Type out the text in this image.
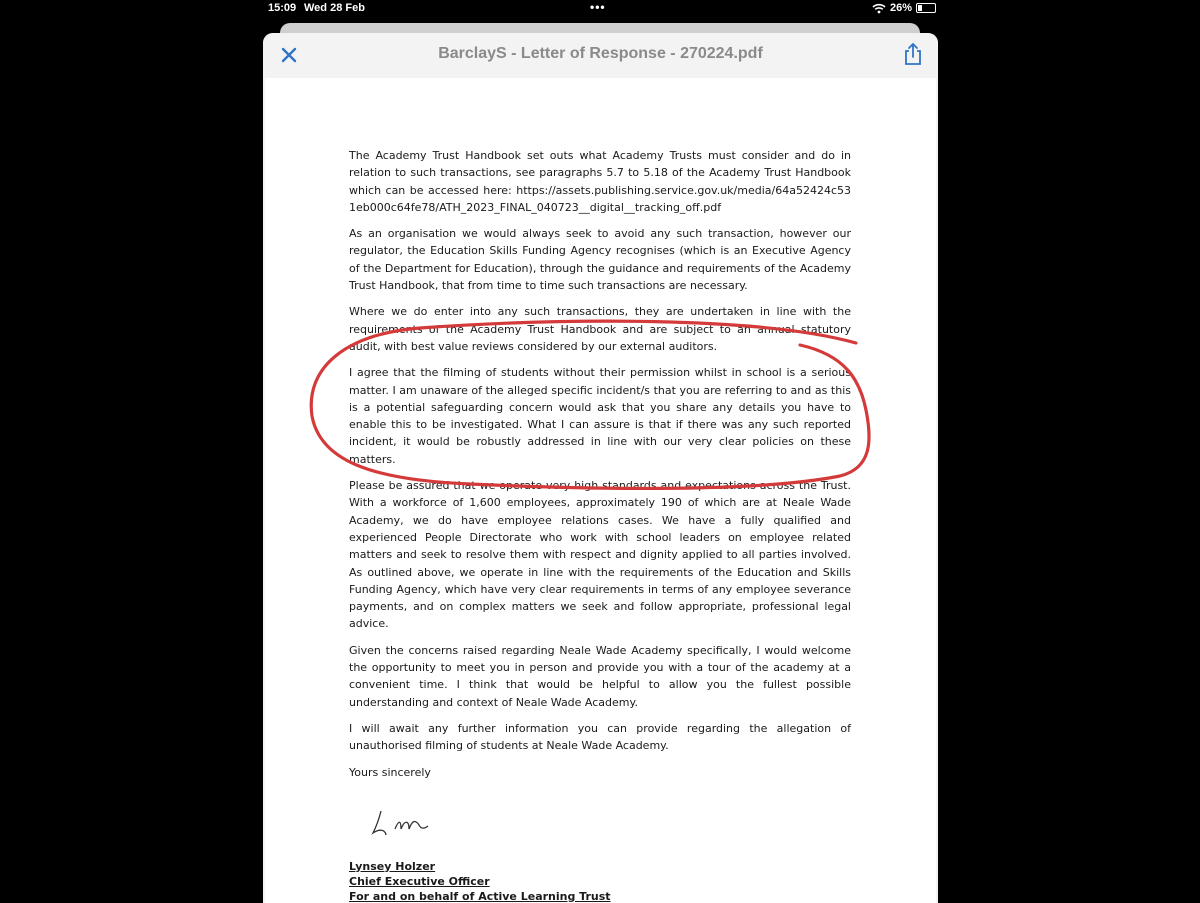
15:09 Wed 28 Feb	•••	26%
BarclayS - Letter of Response - 270224.pdf

The Academy Trust Handbook set outs what Academy Trusts must consider and do in relation to such transactions, see paragraphs 5.7 to 5.18 of the Academy Trust Handbook which can be accessed here: https://assets.publishing.service.gov.uk/media/64a52424c531eb000c64fe78/ATH_2023_FINAL_040723__digital__tracking_off.pdf

As an organisation we would always seek to avoid any such transaction, however our regulator, the Education Skills Funding Agency recognises (which is an Executive Agency of the Department for Education), through the guidance and requirements of the Academy Trust Handbook, that from time to time such transactions are necessary.

Where we do enter into any such transactions, they are undertaken in line with the requirements of the Academy Trust Handbook and are subject to an annual statutory audit, with best value reviews considered by our external auditors.

I agree that the filming of students without their permission whilst in school is a serious matter. I am unaware of the alleged specific incident/s that you are referring to and as this is a potential safeguarding concern would ask that you share any details you have to enable this to be investigated. What I can assure is that if there was any such reported incident, it would be robustly addressed in line with our very clear policies on these matters.

Please be assured that we operate very high standards and expectations across the Trust. With a workforce of 1,600 employees, approximately 190 of which are at Neale Wade Academy, we do have employee relations cases. We have a fully qualified and experienced People Directorate who work with school leaders on employee related matters and seek to resolve them with respect and dignity applied to all parties involved. As outlined above, we operate in line with the requirements of the Education and Skills Funding Agency, which have very clear requirements in terms of any employee severance payments, and on complex matters we seek and follow appropriate, professional legal advice.

Given the concerns raised regarding Neale Wade Academy specifically, I would welcome the opportunity to meet you in person and provide you with a tour of the academy at a convenient time. I think that would be helpful to allow you the fullest possible understanding and context of Neale Wade Academy.

I will await any further information you can provide regarding the allegation of unauthorised filming of students at Neale Wade Academy.

Yours sincerely

Lynsey Holzer

Chief Executive Officer

For and on behalf of Active Learning Trust
